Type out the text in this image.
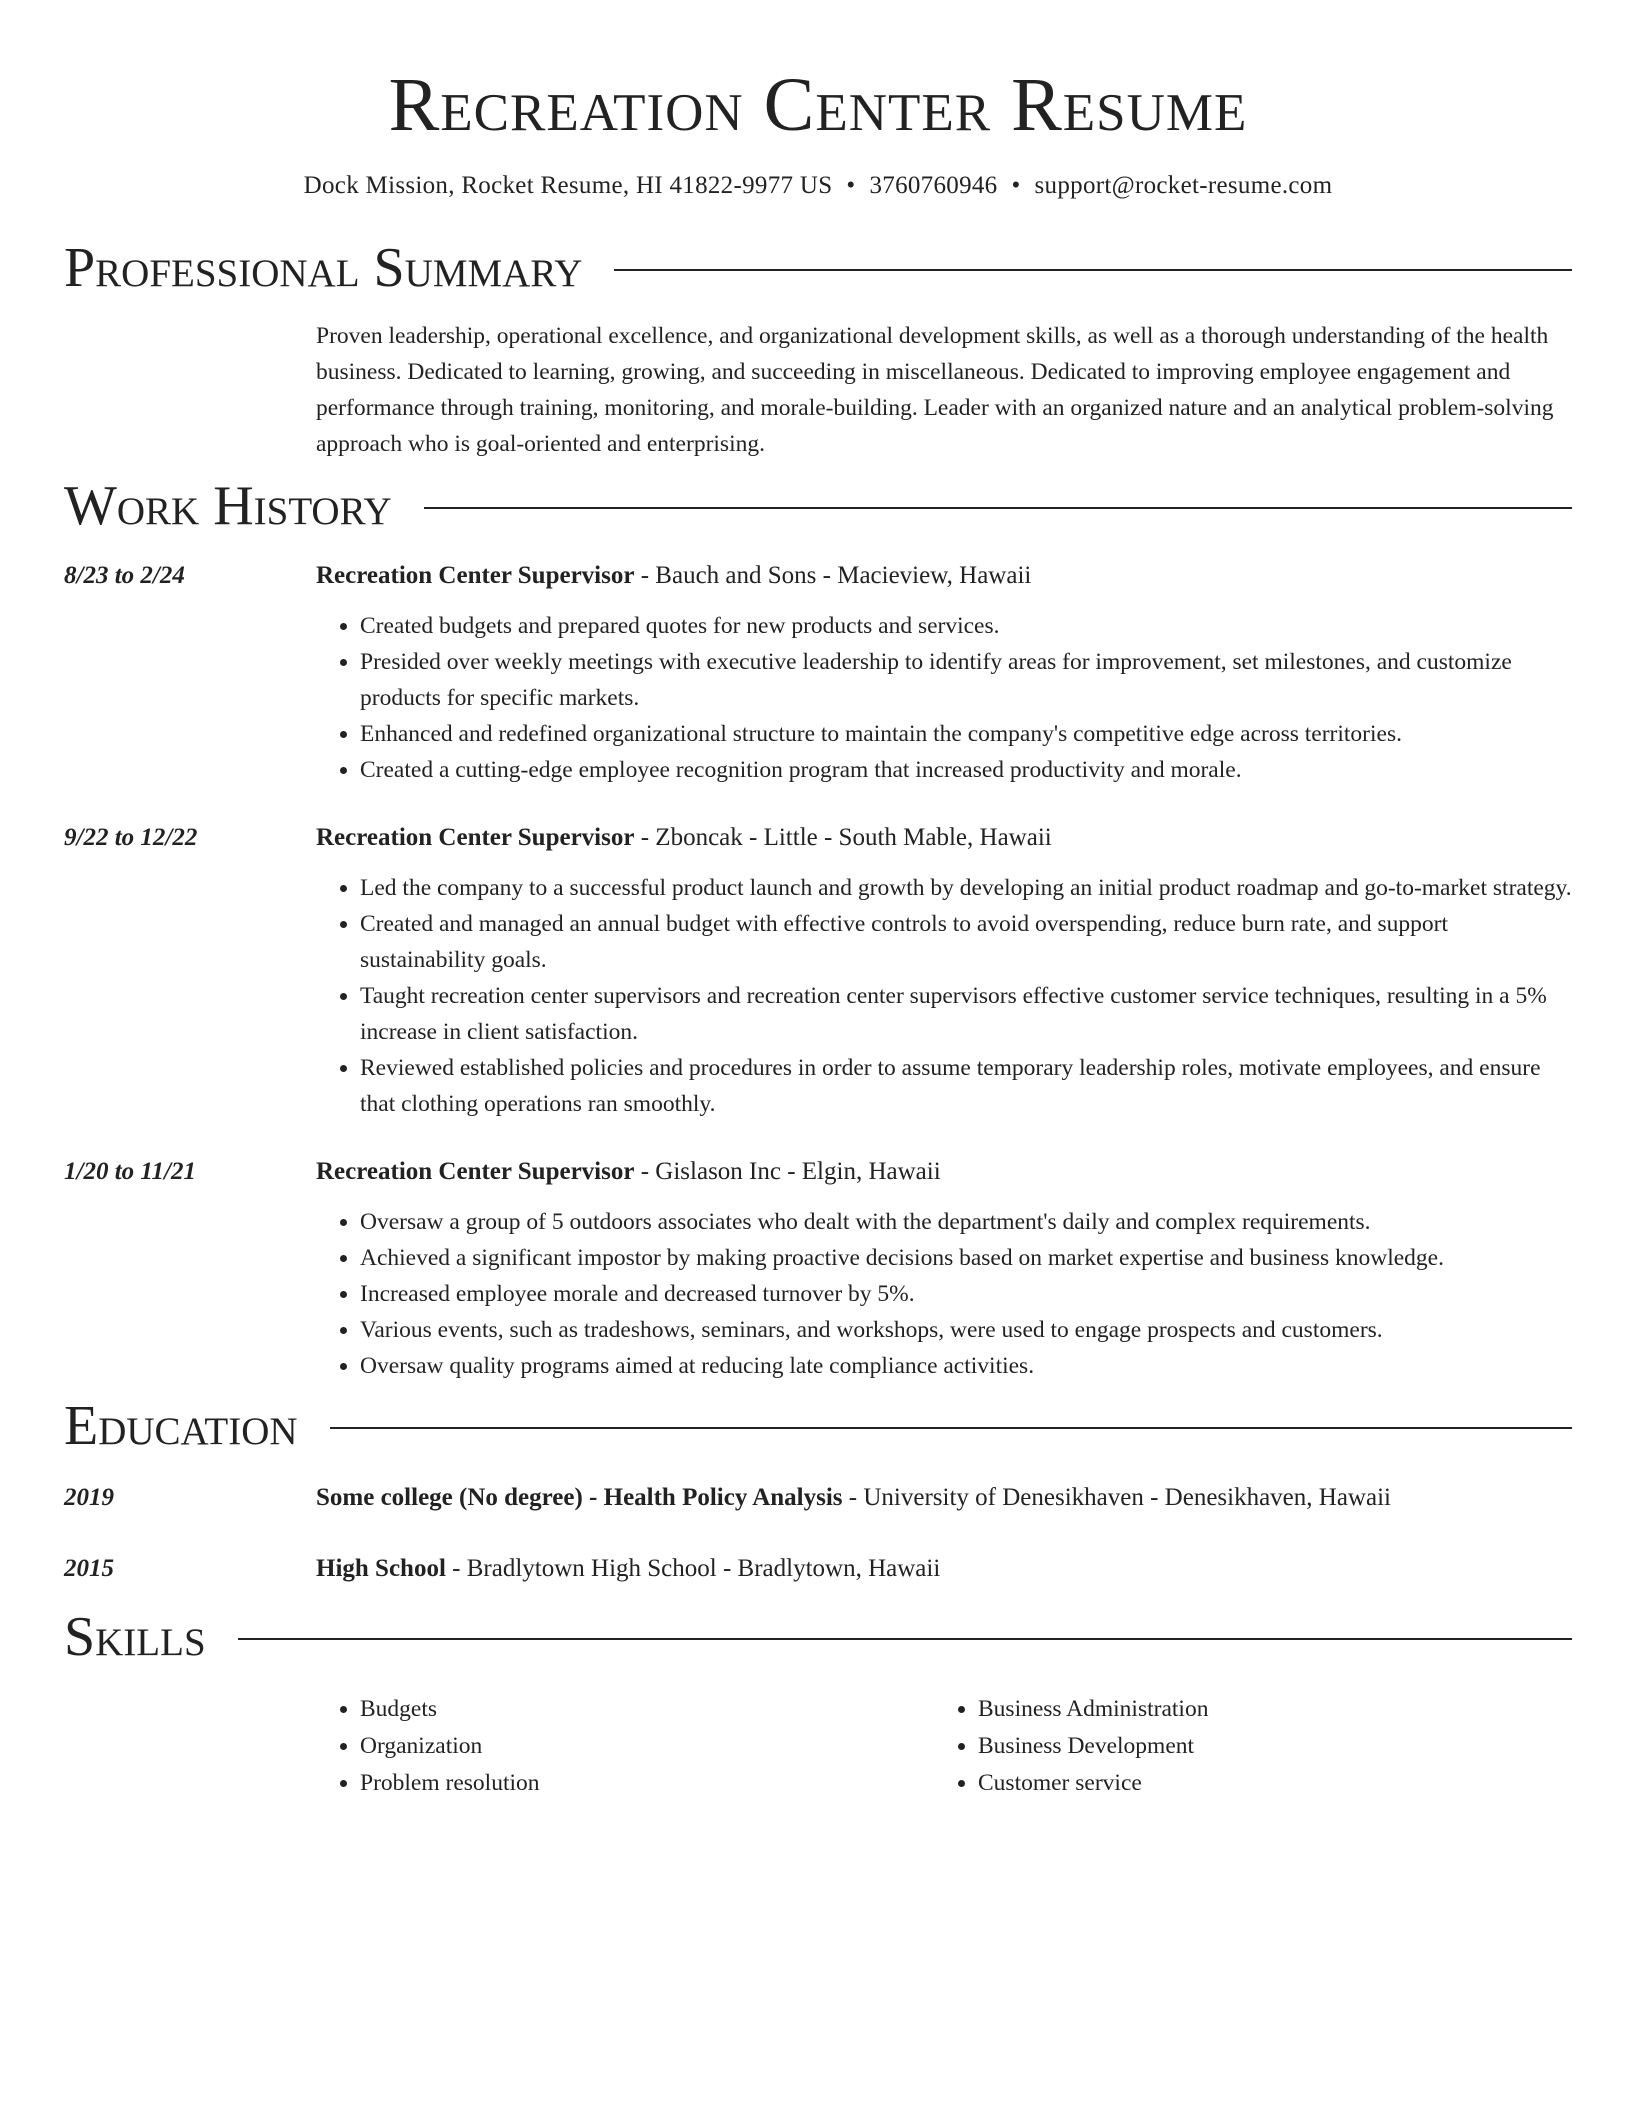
Recreation Center Resume
Dock Mission, Rocket Resume, HI 41822-9977 US • 3760760946 • support@rocket-resume.com
Professional Summary
Proven leadership, operational excellence, and organizational development skills, as well as a thorough understanding of the health business. Dedicated to learning, growing, and succeeding in miscellaneous. Dedicated to improving employee engagement and performance through training, monitoring, and morale-building. Leader with an organized nature and an analytical problem-solving approach who is goal-oriented and enterprising.
Work History
8/23 to 2/24	Recreation Center Supervisor - Bauch and Sons - Macieview, Hawaii
• Created budgets and prepared quotes for new products and services.
• Presided over weekly meetings with executive leadership to identify areas for improvement, set milestones, and customize products for specific markets.
• Enhanced and redefined organizational structure to maintain the company's competitive edge across territories.
• Created a cutting-edge employee recognition program that increased productivity and morale.
9/22 to 12/22	Recreation Center Supervisor - Zboncak - Little - South Mable, Hawaii
• Led the company to a successful product launch and growth by developing an initial product roadmap and go-to-market strategy.
• Created and managed an annual budget with effective controls to avoid overspending, reduce burn rate, and support sustainability goals.
• Taught recreation center supervisors and recreation center supervisors effective customer service techniques, resulting in a 5% increase in client satisfaction.
• Reviewed established policies and procedures in order to assume temporary leadership roles, motivate employees, and ensure that clothing operations ran smoothly.
1/20 to 11/21	Recreation Center Supervisor - Gislason Inc - Elgin, Hawaii
• Oversaw a group of 5 outdoors associates who dealt with the department's daily and complex requirements.
• Achieved a significant impostor by making proactive decisions based on market expertise and business knowledge.
• Increased employee morale and decreased turnover by 5%.
• Various events, such as tradeshows, seminars, and workshops, were used to engage prospects and customers.
• Oversaw quality programs aimed at reducing late compliance activities.
Education
2019	Some college (No degree) - Health Policy Analysis - University of Denesikhaven - Denesikhaven, Hawaii
2015	High School - Bradlytown High School - Bradlytown, Hawaii
Skills
• Budgets
• Organization
• Problem resolution
• Business Administration
• Business Development
• Customer service
